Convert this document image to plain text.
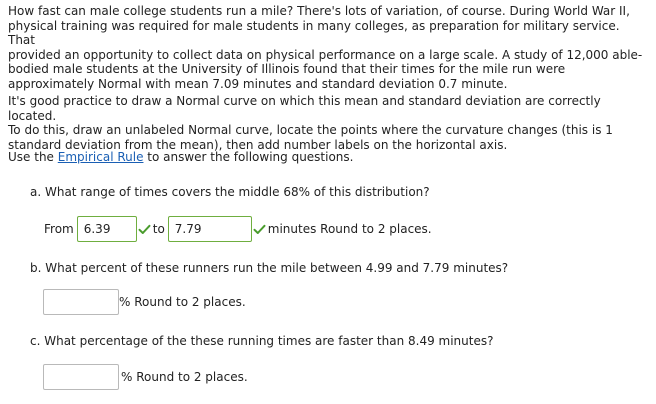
How fast can male college students run a mile? There's lots of variation, of course. During World War II,
physical training was required for male students in many colleges, as preparation for military service. That
provided an opportunity to collect data on physical performance on a large scale. A study of 12,000 able-
bodied male students at the University of Illinois found that their times for the mile run were
approximately Normal with mean 7.09 minutes and standard deviation 0.7 minute.

It's good practice to draw a Normal curve on which this mean and standard deviation are correctly located.
To do this, draw an unlabeled Normal curve, locate the points where the curvature changes (this is 1
standard deviation from the mean), then add number labels on the horizontal axis.

Use the Empirical Rule to answer the following questions.

a. What range of times covers the middle 68% of this distribution?

From 6.39	to 7.79	minutes Round to 2 places.

b. What percent of these runners run the mile between 4.99 and 7.79 minutes?

% Round to 2 places.

c. What percentage of the these running times are faster than 8.49 minutes?

% Round to 2 places.
